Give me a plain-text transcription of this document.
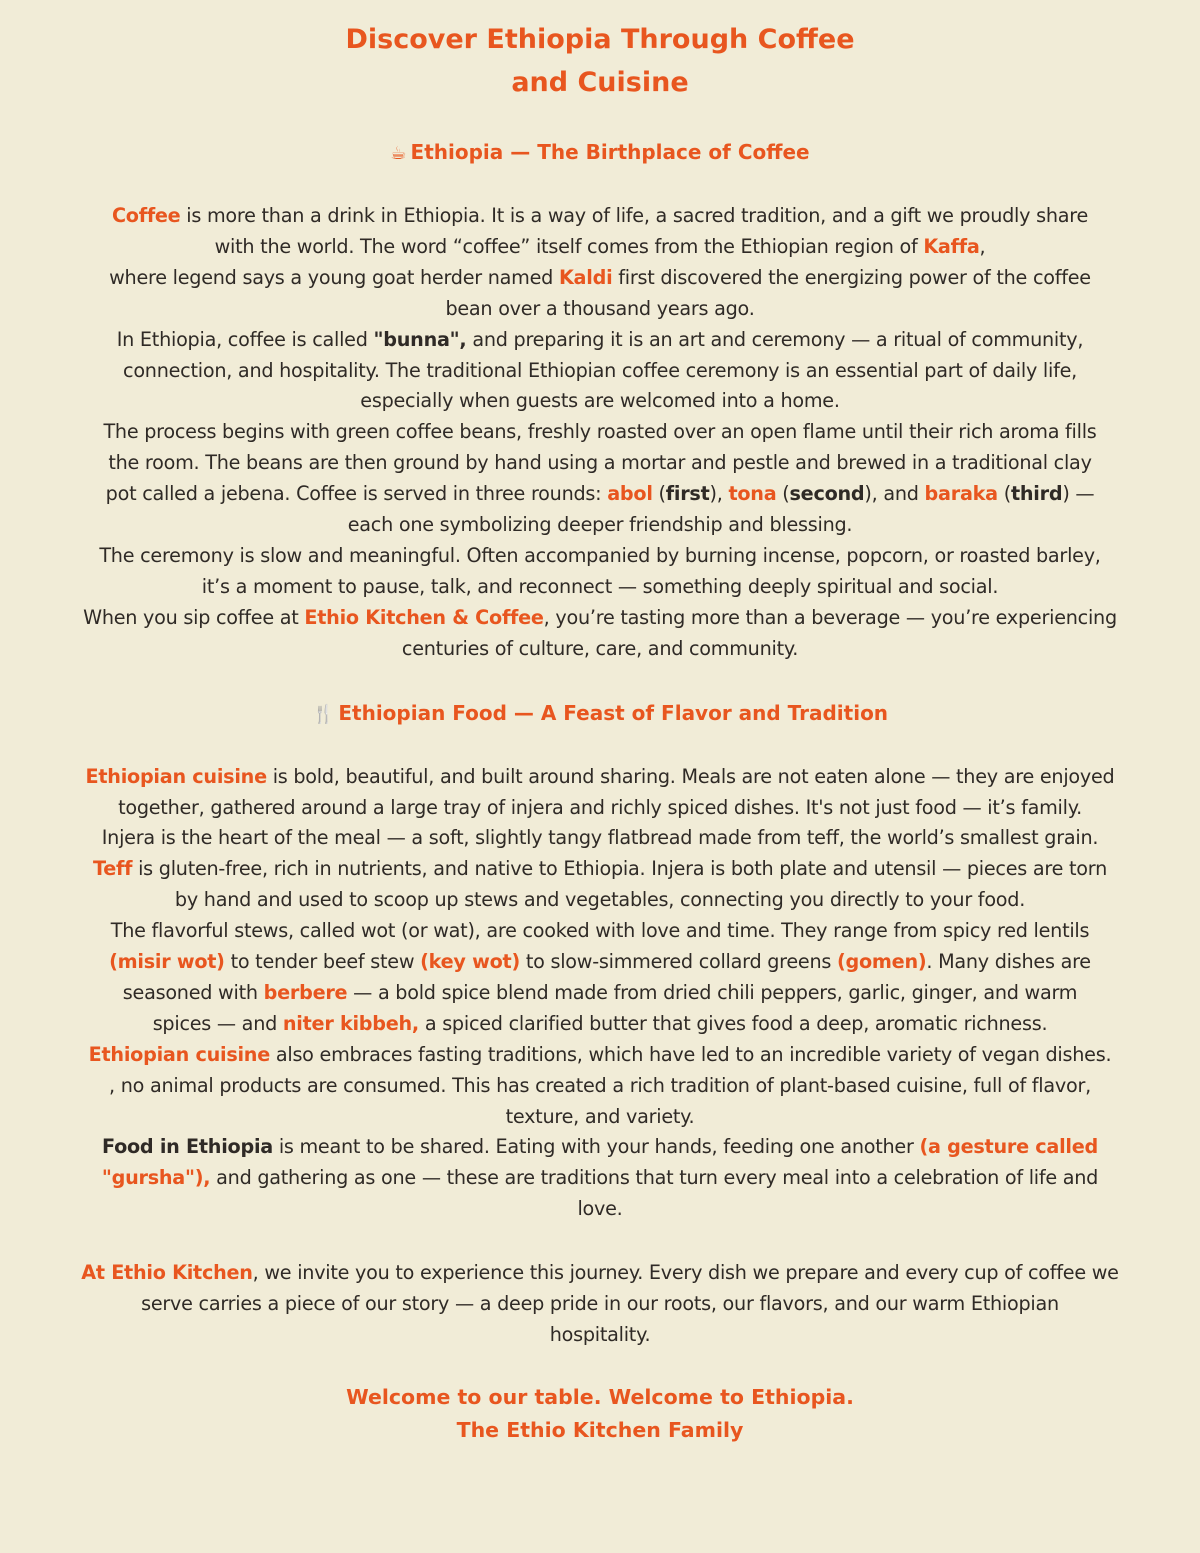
Discover Ethiopia Through Coffee
and Cuisine
☕ Ethiopia — The Birthplace of Coffee
Coffee is more than a drink in Ethiopia. It is a way of life, a sacred tradition, and a gift we proudly share
with the world. The word “coffee” itself comes from the Ethiopian region of Kaffa,
where legend says a young goat herder named Kaldi first discovered the energizing power of the coffee
bean over a thousand years ago.
In Ethiopia, coffee is called "bunna", and preparing it is an art and ceremony — a ritual of community,
connection, and hospitality. The traditional Ethiopian coffee ceremony is an essential part of daily life,
especially when guests are welcomed into a home.
The process begins with green coffee beans, freshly roasted over an open flame until their rich aroma fills
the room. The beans are then ground by hand using a mortar and pestle and brewed in a traditional clay
pot called a jebena. Coffee is served in three rounds: abol (first), tona (second), and baraka (third) —
each one symbolizing deeper friendship and blessing.
The ceremony is slow and meaningful. Often accompanied by burning incense, popcorn, or roasted barley,
it’s a moment to pause, talk, and reconnect — something deeply spiritual and social.
When you sip coffee at Ethio Kitchen & Coffee, you’re tasting more than a beverage — you’re experiencing
centuries of culture, care, and community.
🍴 Ethiopian Food — A Feast of Flavor and Tradition
Ethiopian cuisine is bold, beautiful, and built around sharing. Meals are not eaten alone — they are enjoyed
together, gathered around a large tray of injera and richly spiced dishes. It's not just food — it’s family.
Injera is the heart of the meal — a soft, slightly tangy flatbread made from teff, the world’s smallest grain.
Teff is gluten-free, rich in nutrients, and native to Ethiopia. Injera is both plate and utensil — pieces are torn
by hand and used to scoop up stews and vegetables, connecting you directly to your food.
The flavorful stews, called wot (or wat), are cooked with love and time. They range from spicy red lentils
(misir wot) to tender beef stew (key wot) to slow-simmered collard greens (gomen). Many dishes are
seasoned with berbere — a bold spice blend made from dried chili peppers, garlic, ginger, and warm
spices — and niter kibbeh, a spiced clarified butter that gives food a deep, aromatic richness.
Ethiopian cuisine also embraces fasting traditions, which have led to an incredible variety of vegan dishes.
, no animal products are consumed. This has created a rich tradition of plant-based cuisine, full of flavor,
texture, and variety.
Food in Ethiopia is meant to be shared. Eating with your hands, feeding one another (a gesture called
"gursha"), and gathering as one — these are traditions that turn every meal into a celebration of life and
love.
At Ethio Kitchen, we invite you to experience this journey. Every dish we prepare and every cup of coffee we
serve carries a piece of our story — a deep pride in our roots, our flavors, and our warm Ethiopian
hospitality.
Welcome to our table. Welcome to Ethiopia.
The Ethio Kitchen Family
